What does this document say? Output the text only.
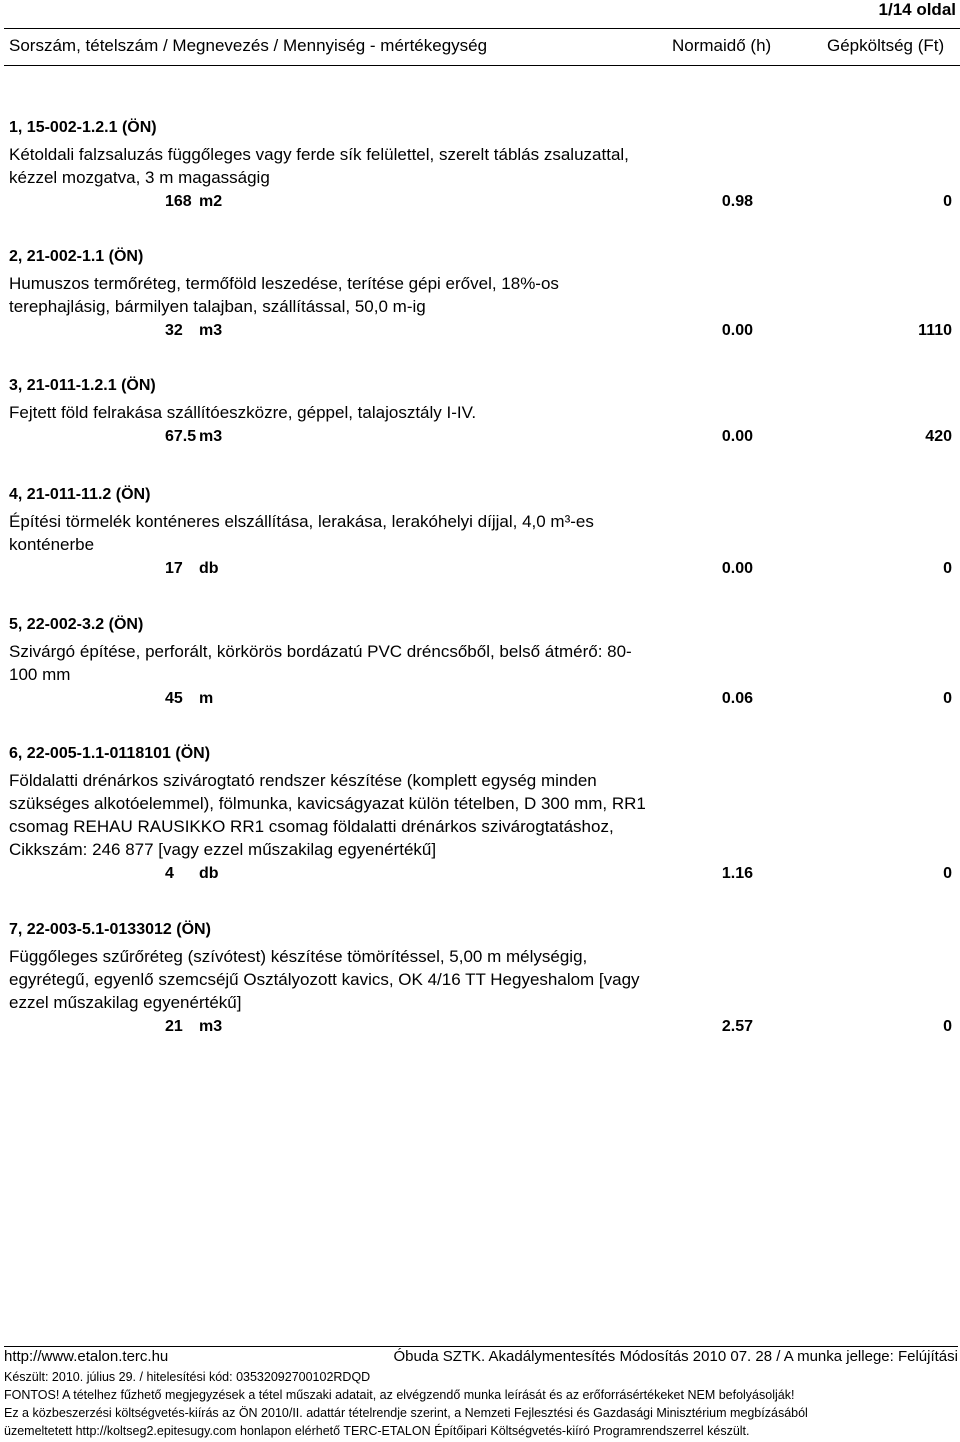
1/14 oldal
Sorszám, tételszám / Megnevezés / Mennyiség - mértékegység	Normaidő (h)	Gépköltség (Ft)
1, 15-002-1.2.1 (ÖN)
Kétoldali falzsaluzás függőleges vagy ferde sík felülettel, szerelt táblás zsaluzattal, kézzel mozgatva, 3 m magasságig
168 m2	0.98	0
2, 21-002-1.1 (ÖN)
Humuszos termőréteg, termőföld leszedése, terítése gépi erővel, 18%-os terephajlásig, bármilyen talajban, szállítással, 50,0 m-ig
32 m3	0.00	1110
3, 21-011-1.2.1 (ÖN)
Fejtett föld felrakása szállítóeszközre, géppel, talajosztály I-IV.
67.5 m3	0.00	420
4, 21-011-11.2 (ÖN)
Építési törmelék konténeres elszállítása, lerakása, lerakóhelyi díjjal, 4,0 m³-es konténerbe
17 db	0.00	0
5, 22-002-3.2 (ÖN)
Szivárgó építése, perforált, körkörös bordázatú PVC dréncsőből, belső átmérő: 80-100 mm
45 m	0.06	0
6, 22-005-1.1-0118101 (ÖN)
Földalatti drénárkos szivárogtató rendszer készítése (komplett egység minden szükséges alkotóelemmel), fölmunka, kavicságyazat külön tételben, D 300 mm, RR1 csomag REHAU RAUSIKKO RR1 csomag földalatti drénárkos szivárogtatáshoz, Cikkszám: 246 877 [vagy ezzel műszakilag egyenértékű]
4 db	1.16	0
7, 22-003-5.1-0133012 (ÖN)
Függőleges szűrőréteg (szívótest) készítése tömörítéssel, 5,00 m mélységig, egyrétegű, egyenlő szemcséjű Osztályozott kavics, OK 4/16 TT Hegyeshalom [vagy ezzel műszakilag egyenértékű]
21 m3	2.57	0
http://www.etalon.terc.hu	Óbuda SZTK. Akadálymentesítés Módosítás 2010 07. 28 / A munka jellege: Felújítási
Készült: 2010. július 29. / hitelesítési kód: 03532092700102RDQD
FONTOS! A tételhez fűzhető megjegyzések a tétel műszaki adatait, az elvégzendő munka leírását és az erőforrásértékeket NEM befolyásolják!
Ez a közbeszerzési költségvetés-kiírás az ÖN 2010/II. adattár tételrendje szerint, a Nemzeti Fejlesztési és Gazdasági Minisztérium megbízásából
üzemeltetett http://koltseg2.epitesugy.com honlapon elérhető TERC-ETALON Építőipari Költségvetés-kiíró Programrendszerrel készült.
